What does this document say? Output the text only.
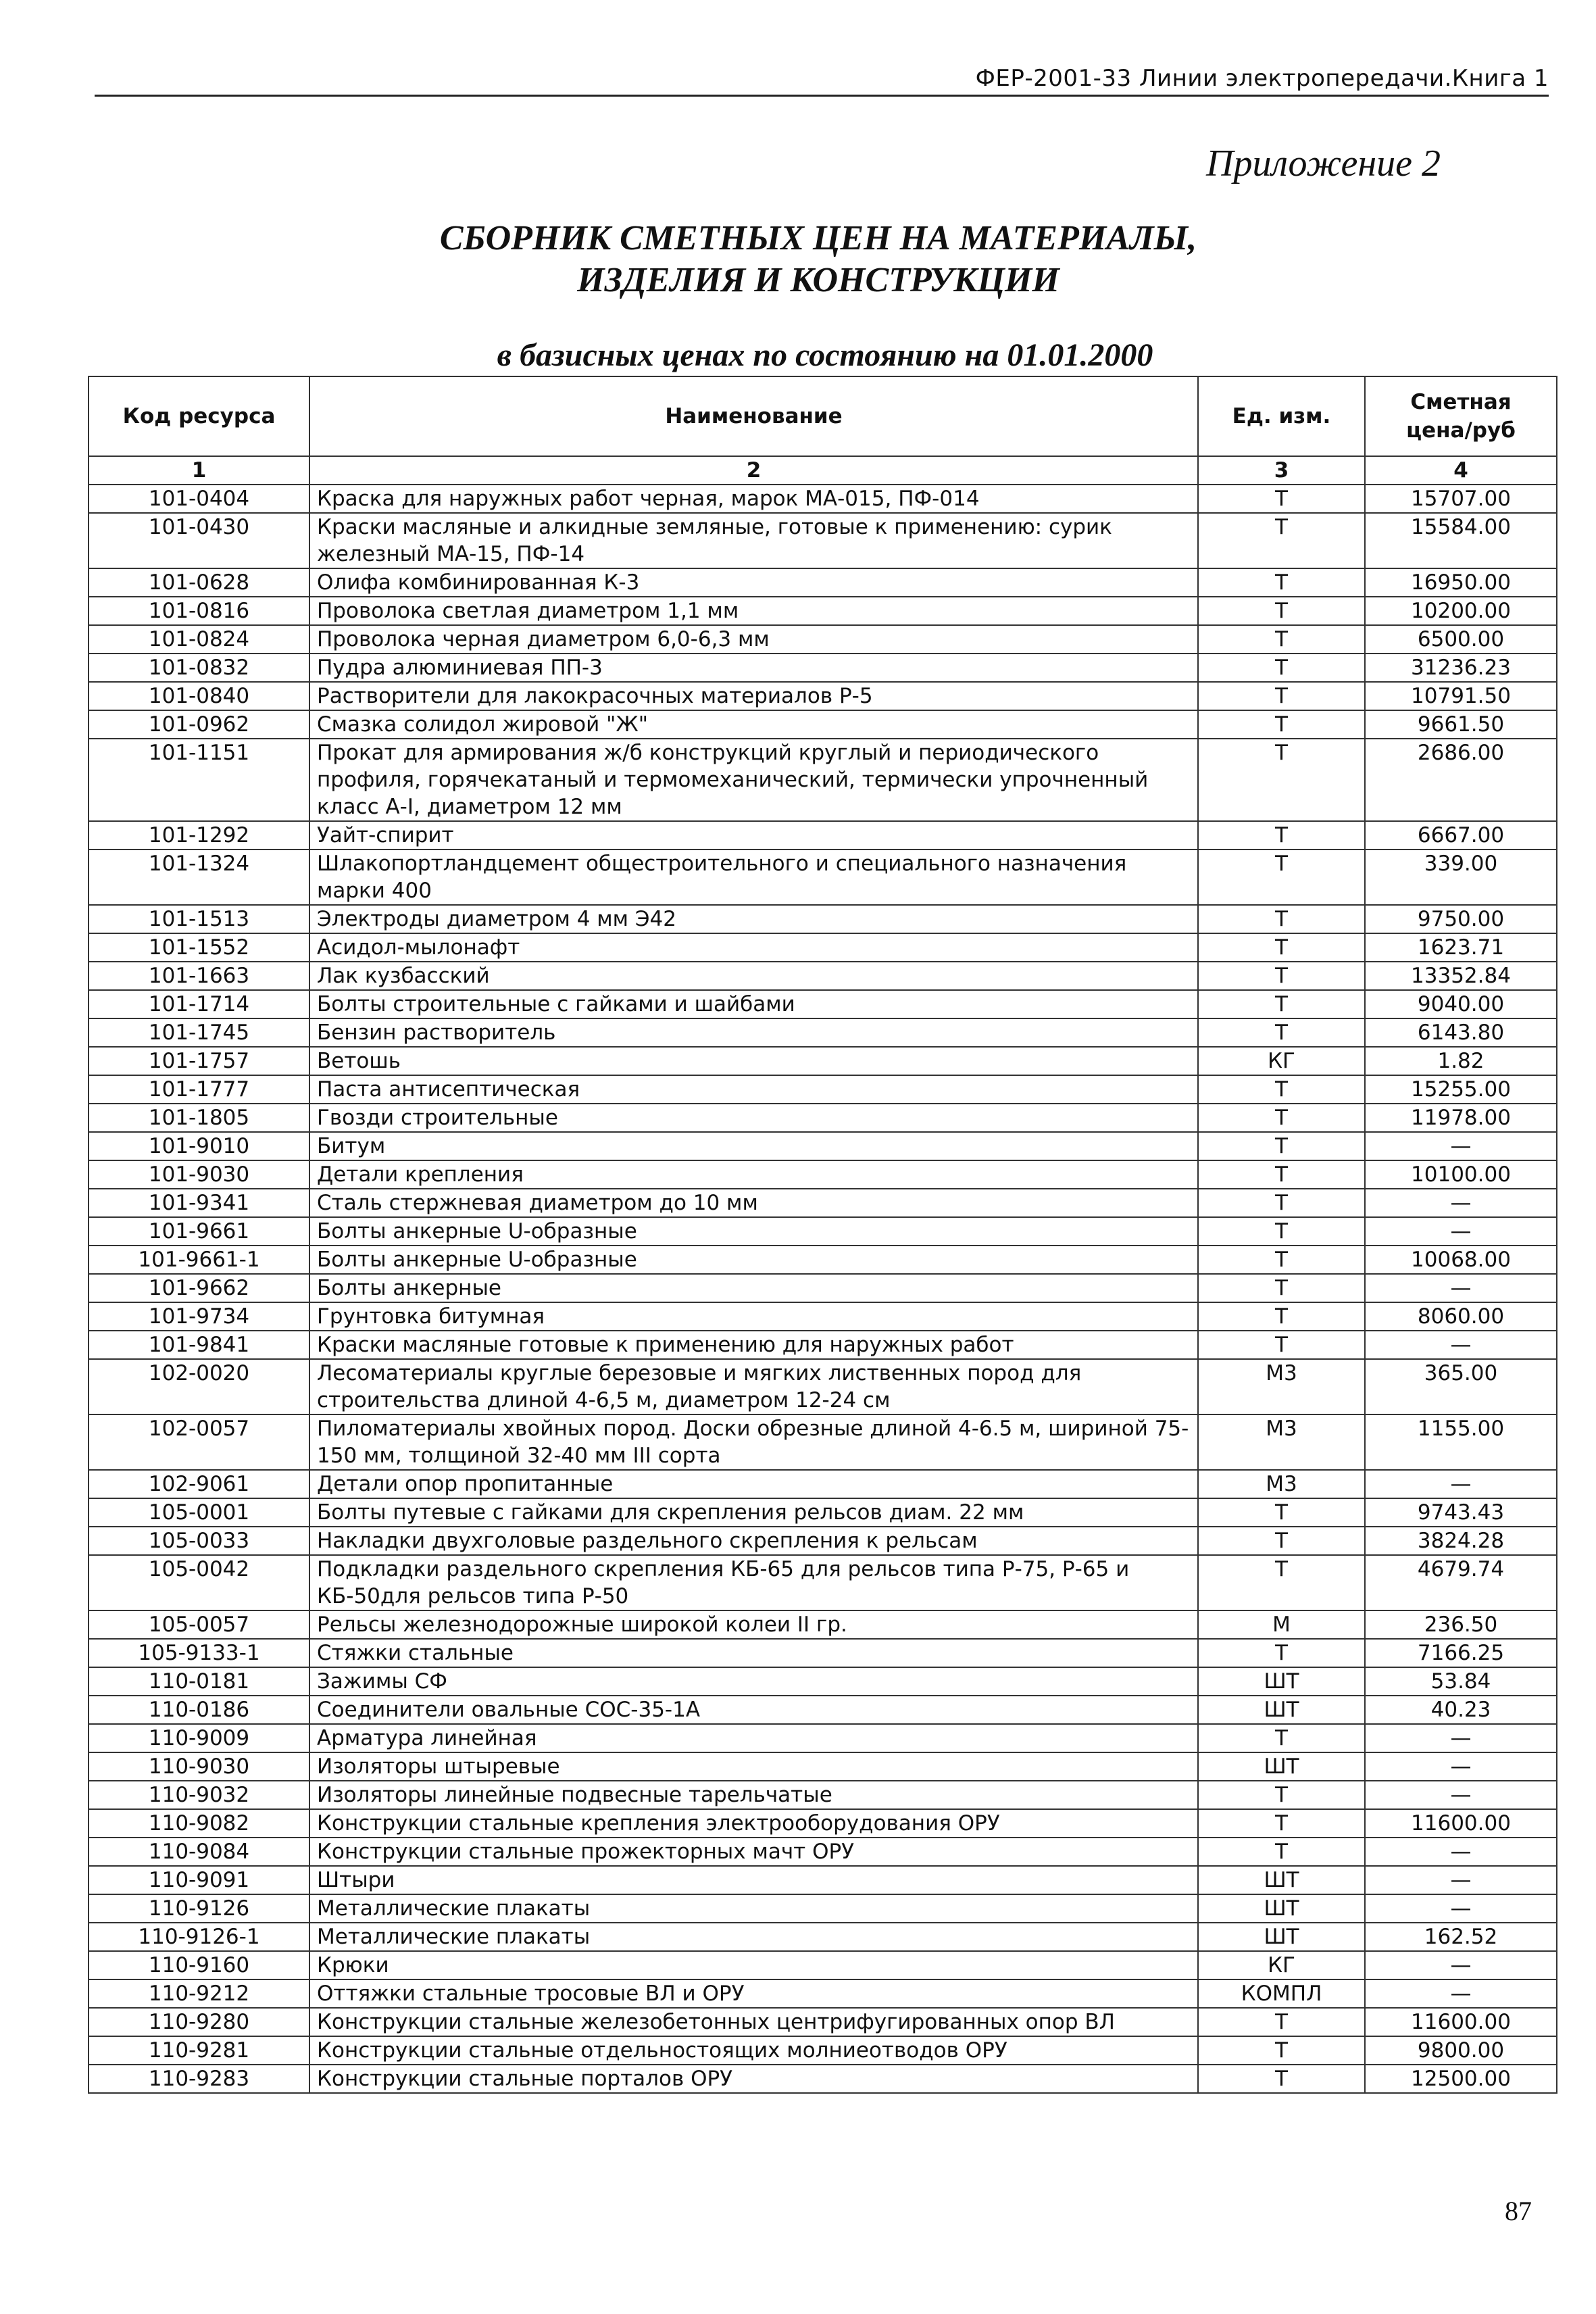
ФЕР-2001-33 Линии электропередачи.Книга 1
Приложение 2
СБОРНИК СМЕТНЫХ ЦЕН НА МАТЕРИАЛЫ,
ИЗДЕЛИЯ И КОНСТРУКЦИИ
в базисных ценах по состоянию на 01.01.2000
Код ресурса	Наименование	Ед. изм.	Сметная цена/руб
1	2	3	4
101-0404	Краска для наружных работ черная, марок МА-015, ПФ-014	Т	15707.00
101-0430	Краски масляные и алкидные земляные, готовые к применению: сурик железный МА-15, ПФ-14	Т	15584.00
101-0628	Олифа комбинированная К-3	Т	16950.00
101-0816	Проволока светлая диаметром 1,1 мм	Т	10200.00
101-0824	Проволока черная диаметром 6,0-6,3 мм	Т	6500.00
101-0832	Пудра алюминиевая ПП-3	Т	31236.23
101-0840	Растворители для лакокрасочных материалов Р-5	Т	10791.50
101-0962	Смазка солидол жировой "Ж"	Т	9661.50
101-1151	Прокат для армирования ж/б конструкций круглый и периодического профиля, горячекатаный и термомеханический, термически упрочненный класс А-I, диаметром 12 мм	Т	2686.00
101-1292	Уайт-спирит	Т	6667.00
101-1324	Шлакопортландцемент общестроительного и специального назначения марки 400	Т	339.00
101-1513	Электроды диаметром 4 мм Э42	Т	9750.00
101-1552	Асидол-мылонафт	Т	1623.71
101-1663	Лак кузбасский	Т	13352.84
101-1714	Болты строительные с гайками и шайбами	Т	9040.00
101-1745	Бензин растворитель	Т	6143.80
101-1757	Ветошь	КГ	1.82
101-1777	Паста антисептическая	Т	15255.00
101-1805	Гвозди строительные	Т	11978.00
101-9010	Битум	Т	—
101-9030	Детали крепления	Т	10100.00
101-9341	Сталь стержневая диаметром до 10 мм	Т	—
101-9661	Болты анкерные U-образные	Т	—
101-9661-1	Болты анкерные U-образные	Т	10068.00
101-9662	Болты анкерные	Т	—
101-9734	Грунтовка битумная	Т	8060.00
101-9841	Краски масляные готовые к применению для наружных работ	Т	—
102-0020	Лесоматериалы круглые березовые и мягких лиственных пород для строительства длиной 4-6,5 м, диаметром 12-24 см	М3	365.00
102-0057	Пиломатериалы хвойных пород. Доски обрезные длиной 4-6.5 м, шириной 75-150 мм, толщиной 32-40 мм III сорта	М3	1155.00
102-9061	Детали опор пропитанные	М3	—
105-0001	Болты путевые с гайками для скрепления рельсов диам. 22 мм	Т	9743.43
105-0033	Накладки двухголовые раздельного скрепления к рельсам	Т	3824.28
105-0042	Подкладки раздельного скрепления КБ-65 для рельсов типа Р-75, Р-65 и КБ-50для рельсов типа Р-50	Т	4679.74
105-0057	Рельсы железнодорожные широкой колеи II гр.	М	236.50
105-9133-1	Стяжки стальные	Т	7166.25
110-0181	Зажимы СФ	ШТ	53.84
110-0186	Соединители овальные СОС-35-1А	ШТ	40.23
110-9009	Арматура линейная	Т	—
110-9030	Изоляторы штыревые	ШТ	—
110-9032	Изоляторы линейные подвесные тарельчатые	Т	—
110-9082	Конструкции стальные крепления электрооборудования ОРУ	Т	11600.00
110-9084	Конструкции стальные прожекторных мачт ОРУ	Т	—
110-9091	Штыри	ШТ	—
110-9126	Металлические плакаты	ШТ	—
110-9126-1	Металлические плакаты	ШТ	162.52
110-9160	Крюки	КГ	—
110-9212	Оттяжки стальные тросовые ВЛ и ОРУ	КОМПЛ	—
110-9280	Конструкции стальные железобетонных центрифугированных опор ВЛ	Т	11600.00
110-9281	Конструкции стальные отдельностоящих молниеотводов ОРУ	Т	9800.00
110-9283	Конструкции стальные порталов ОРУ	Т	12500.00
87
